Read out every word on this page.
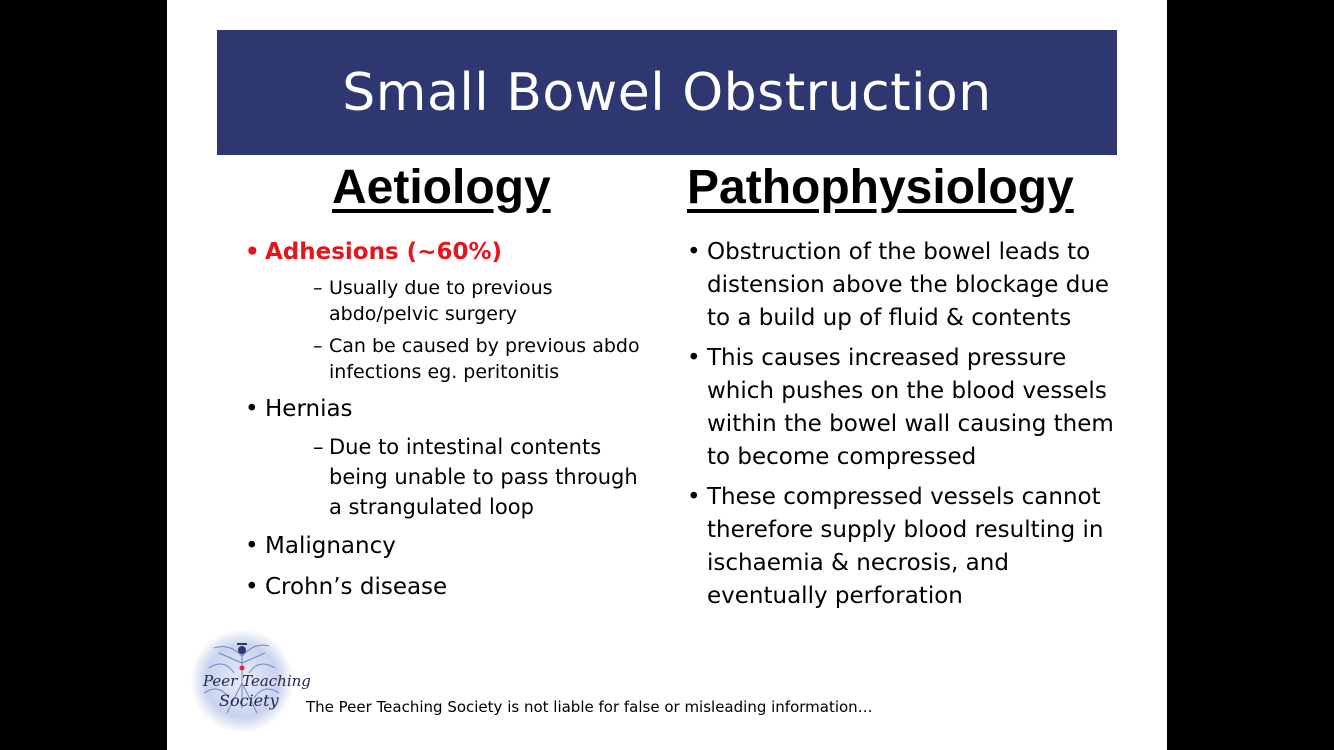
Small Bowel Obstruction
Aetiology	Pathophysiology
• Adhesions (~60%)
– Usually due to previous abdo/pelvic surgery
– Can be caused by previous abdo infections eg. peritonitis
• Hernias
– Due to intestinal contents being unable to pass through a strangulated loop
• Malignancy
• Crohn’s disease
• Obstruction of the bowel leads to distension above the blockage due to a build up of fluid & contents
• This causes increased pressure which pushes on the blood vessels within the bowel wall causing them to become compressed
• These compressed vessels cannot therefore supply blood resulting in ischaemia & necrosis, and eventually perforation
Peer Teaching
Society The Peer Teaching Society is not liable for false or misleading information…
